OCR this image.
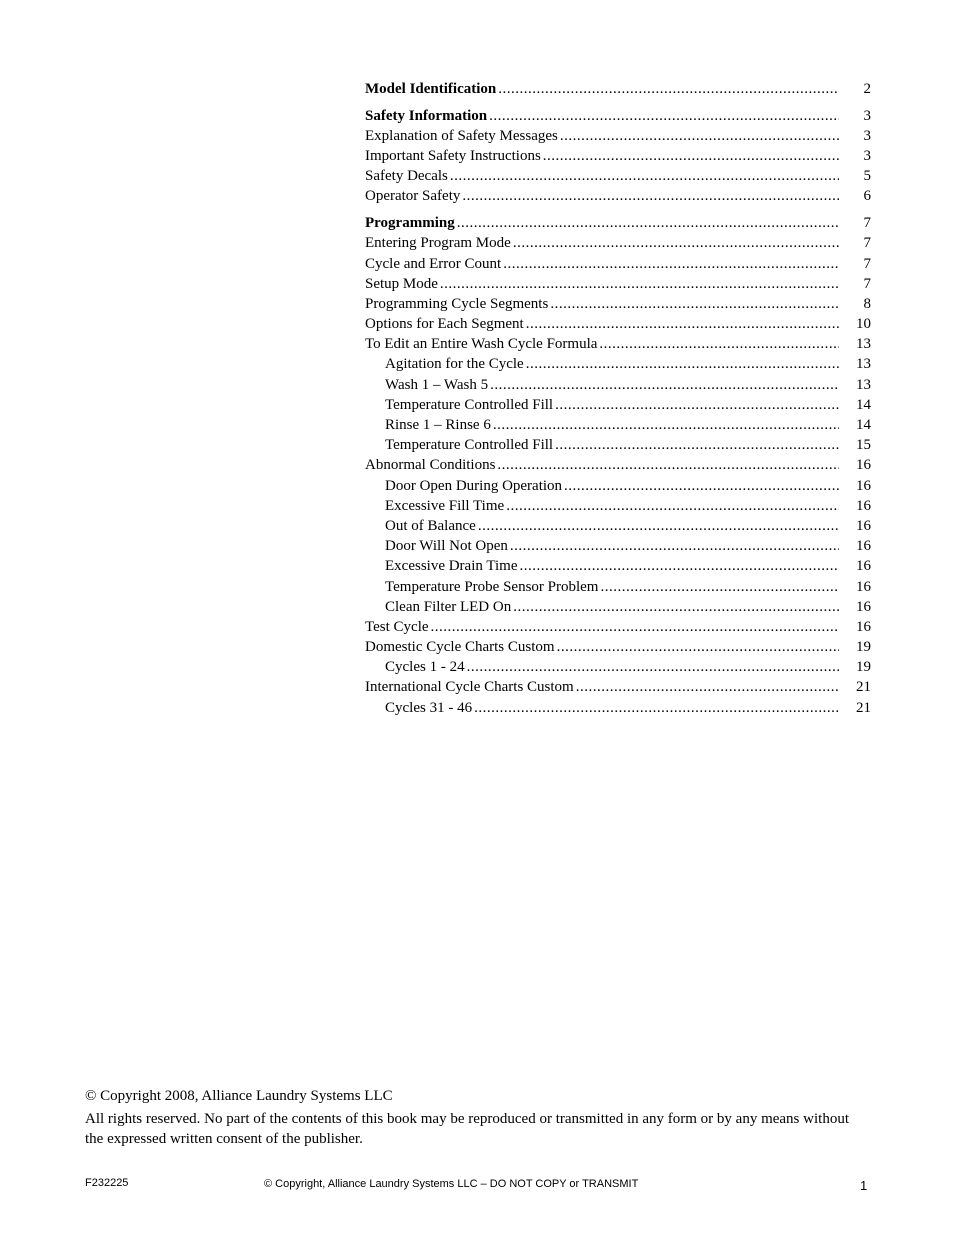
Model Identification .....	2
Safety Information .....	3
Explanation of Safety Messages .....	3
Important Safety Instructions .....	3
Safety Decals .....	5
Operator Safety .....	6
Programming .....	7
Entering Program Mode .....	7
Cycle and Error Count .....	7
Setup Mode .....	7
Programming Cycle Segments .....	8
Options for Each Segment .....	10
To Edit an Entire Wash Cycle Formula .....	13
Agitation for the Cycle .....	13
Wash 1 – Wash 5 .....	13
Temperature Controlled Fill .....	14
Rinse 1 – Rinse 6 .....	14
Temperature Controlled Fill .....	15
Abnormal Conditions .....	16
Door Open During Operation .....	16
Excessive Fill Time .....	16
Out of Balance .....	16
Door Will Not Open .....	16
Excessive Drain Time .....	16
Temperature Probe Sensor Problem .....	16
Clean Filter LED On .....	16
Test Cycle .....	16
Domestic Cycle Charts Custom .....	19
Cycles 1 - 24 .....	19
International Cycle Charts Custom .....	21
Cycles 31 - 46 .....	21
© Copyright 2008, Alliance Laundry Systems LLC
All rights reserved. No part of the contents of this book may be reproduced or transmitted in any form or by any means without the expressed written consent of the publisher.
F232225	© Copyright, Alliance Laundry Systems LLC – DO NOT COPY or TRANSMIT	1
